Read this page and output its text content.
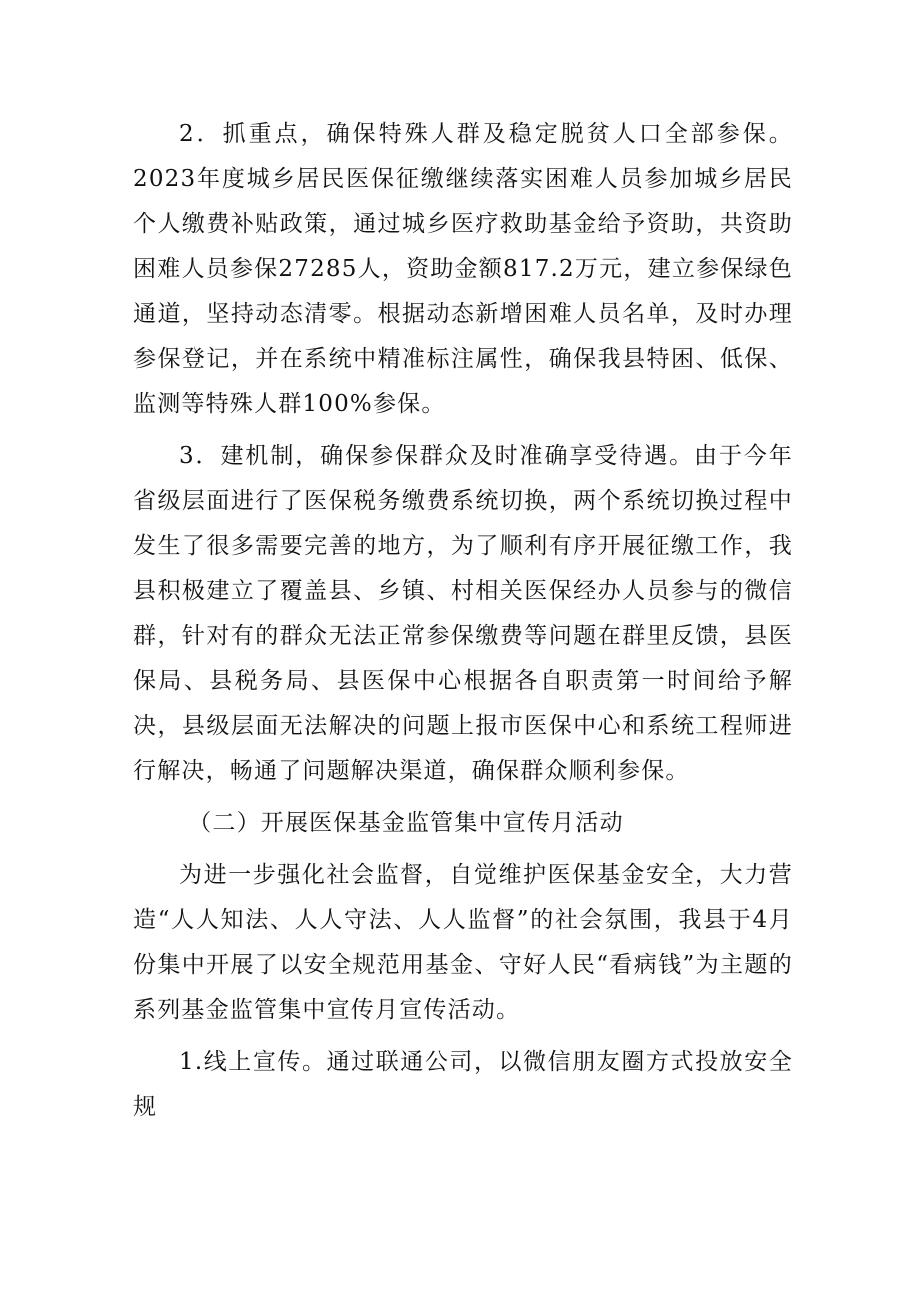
2．抓重点，确保特殊人群及稳定脱贫人口全部参保。2023年度城乡居民医保征缴继续落实困难人员参加城乡居民个人缴费补贴政策，通过城乡医疗救助基金给予资助，共资助困难人员参保27285人，资助金额817.2万元，建立参保绿色通道，坚持动态清零。根据动态新增困难人员名单，及时办理参保登记，并在系统中精准标注属性，确保我县特困、低保、监测等特殊人群100%参保。

3．建机制，确保参保群众及时准确享受待遇。由于今年省级层面进行了医保税务缴费系统切换，两个系统切换过程中发生了很多需要完善的地方，为了顺利有序开展征缴工作，我县积极建立了覆盖县、乡镇、村相关医保经办人员参与的微信群，针对有的群众无法正常参保缴费等问题在群里反馈，县医保局、县税务局、县医保中心根据各自职责第一时间给予解决，县级层面无法解决的问题上报市医保中心和系统工程师进行解决，畅通了问题解决渠道，确保群众顺利参保。

（二）开展医保基金监管集中宣传月活动

为进一步强化社会监督，自觉维护医保基金安全，大力营造“人人知法、人人守法、人人监督”的社会氛围，我县于4月份集中开展了以安全规范用基金、守好人民“看病钱”为主题的系列基金监管集中宣传月宣传活动。

1.线上宣传。通过联通公司，以微信朋友圈方式投放安全规
